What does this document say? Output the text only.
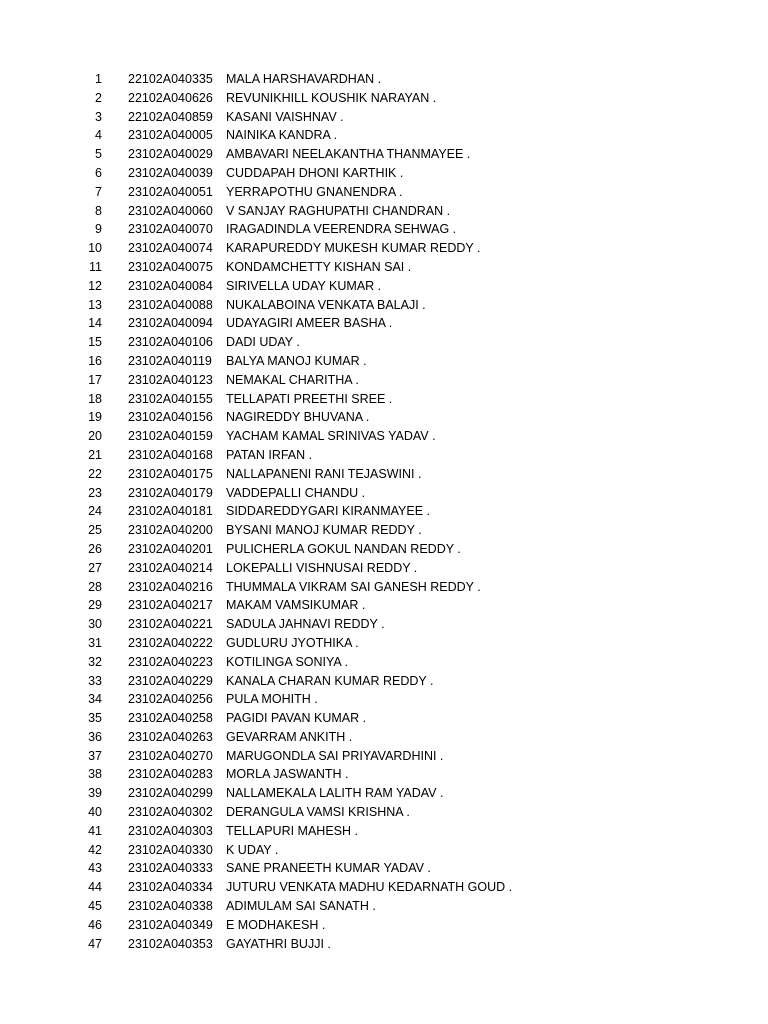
1 22102A040335 MALA HARSHAVARDHAN .
2 22102A040626 REVUNIKHILL KOUSHIK NARAYAN .
3 22102A040859 KASANI VAISHNAV .
4 23102A040005 NAINIKA KANDRA .
5 23102A040029 AMBAVARI NEELAKANTHA THANMAYEE .
6 23102A040039 CUDDAPAH DHONI KARTHIK .
7 23102A040051 YERRAPOTHU GNANENDRA .
8 23102A040060 V SANJAY RAGHUPATHI CHANDRAN .
9 23102A040070 IRAGADINDLA VEERENDRA SEHWAG .
10 23102A040074 KARAPUREDDY MUKESH KUMAR REDDY .
11 23102A040075 KONDAMCHETTY KISHAN SAI .
12 23102A040084 SIRIVELLA UDAY KUMAR .
13 23102A040088 NUKALABOINA VENKATA BALAJI .
14 23102A040094 UDAYAGIRI AMEER BASHA .
15 23102A040106 DADI UDAY .
16 23102A040119 BALYA MANOJ KUMAR .
17 23102A040123 NEMAKAL CHARITHA .
18 23102A040155 TELLAPATI PREETHI SREE .
19 23102A040156 NAGIREDDY BHUVANA .
20 23102A040159 YACHAM KAMAL SRINIVAS YADAV .
21 23102A040168 PATAN IRFAN .
22 23102A040175 NALLAPANENI RANI TEJASWINI .
23 23102A040179 VADDEPALLI CHANDU .
24 23102A040181 SIDDAREDDYGARI KIRANMAYEE .
25 23102A040200 BYSANI MANOJ KUMAR REDDY .
26 23102A040201 PULICHERLA GOKUL NANDAN REDDY .
27 23102A040214 LOKEPALLI VISHNUSAI REDDY .
28 23102A040216 THUMMALA VIKRAM SAI GANESH REDDY .
29 23102A040217 MAKAM VAMSIKUMAR .
30 23102A040221 SADULA JAHNAVI REDDY .
31 23102A040222 GUDLURU JYOTHIKA .
32 23102A040223 KOTILINGA SONIYA .
33 23102A040229 KANALA CHARAN KUMAR REDDY .
34 23102A040256 PULA MOHITH .
35 23102A040258 PAGIDI PAVAN KUMAR .
36 23102A040263 GEVARRAM ANKITH .
37 23102A040270 MARUGONDLA SAI PRIYAVARDHINI .
38 23102A040283 MORLA JASWANTH .
39 23102A040299 NALLAMEKALA LALITH RAM YADAV .
40 23102A040302 DERANGULA VAMSI KRISHNA .
41 23102A040303 TELLAPURI MAHESH .
42 23102A040330 K UDAY .
43 23102A040333 SANE PRANEETH KUMAR YADAV .
44 23102A040334 JUTURU VENKATA MADHU KEDARNATH GOUD .
45 23102A040338 ADIMULAM SAI SANATH .
46 23102A040349 E MODHAKESH .
47 23102A040353 GAYATHRI BUJJI .
